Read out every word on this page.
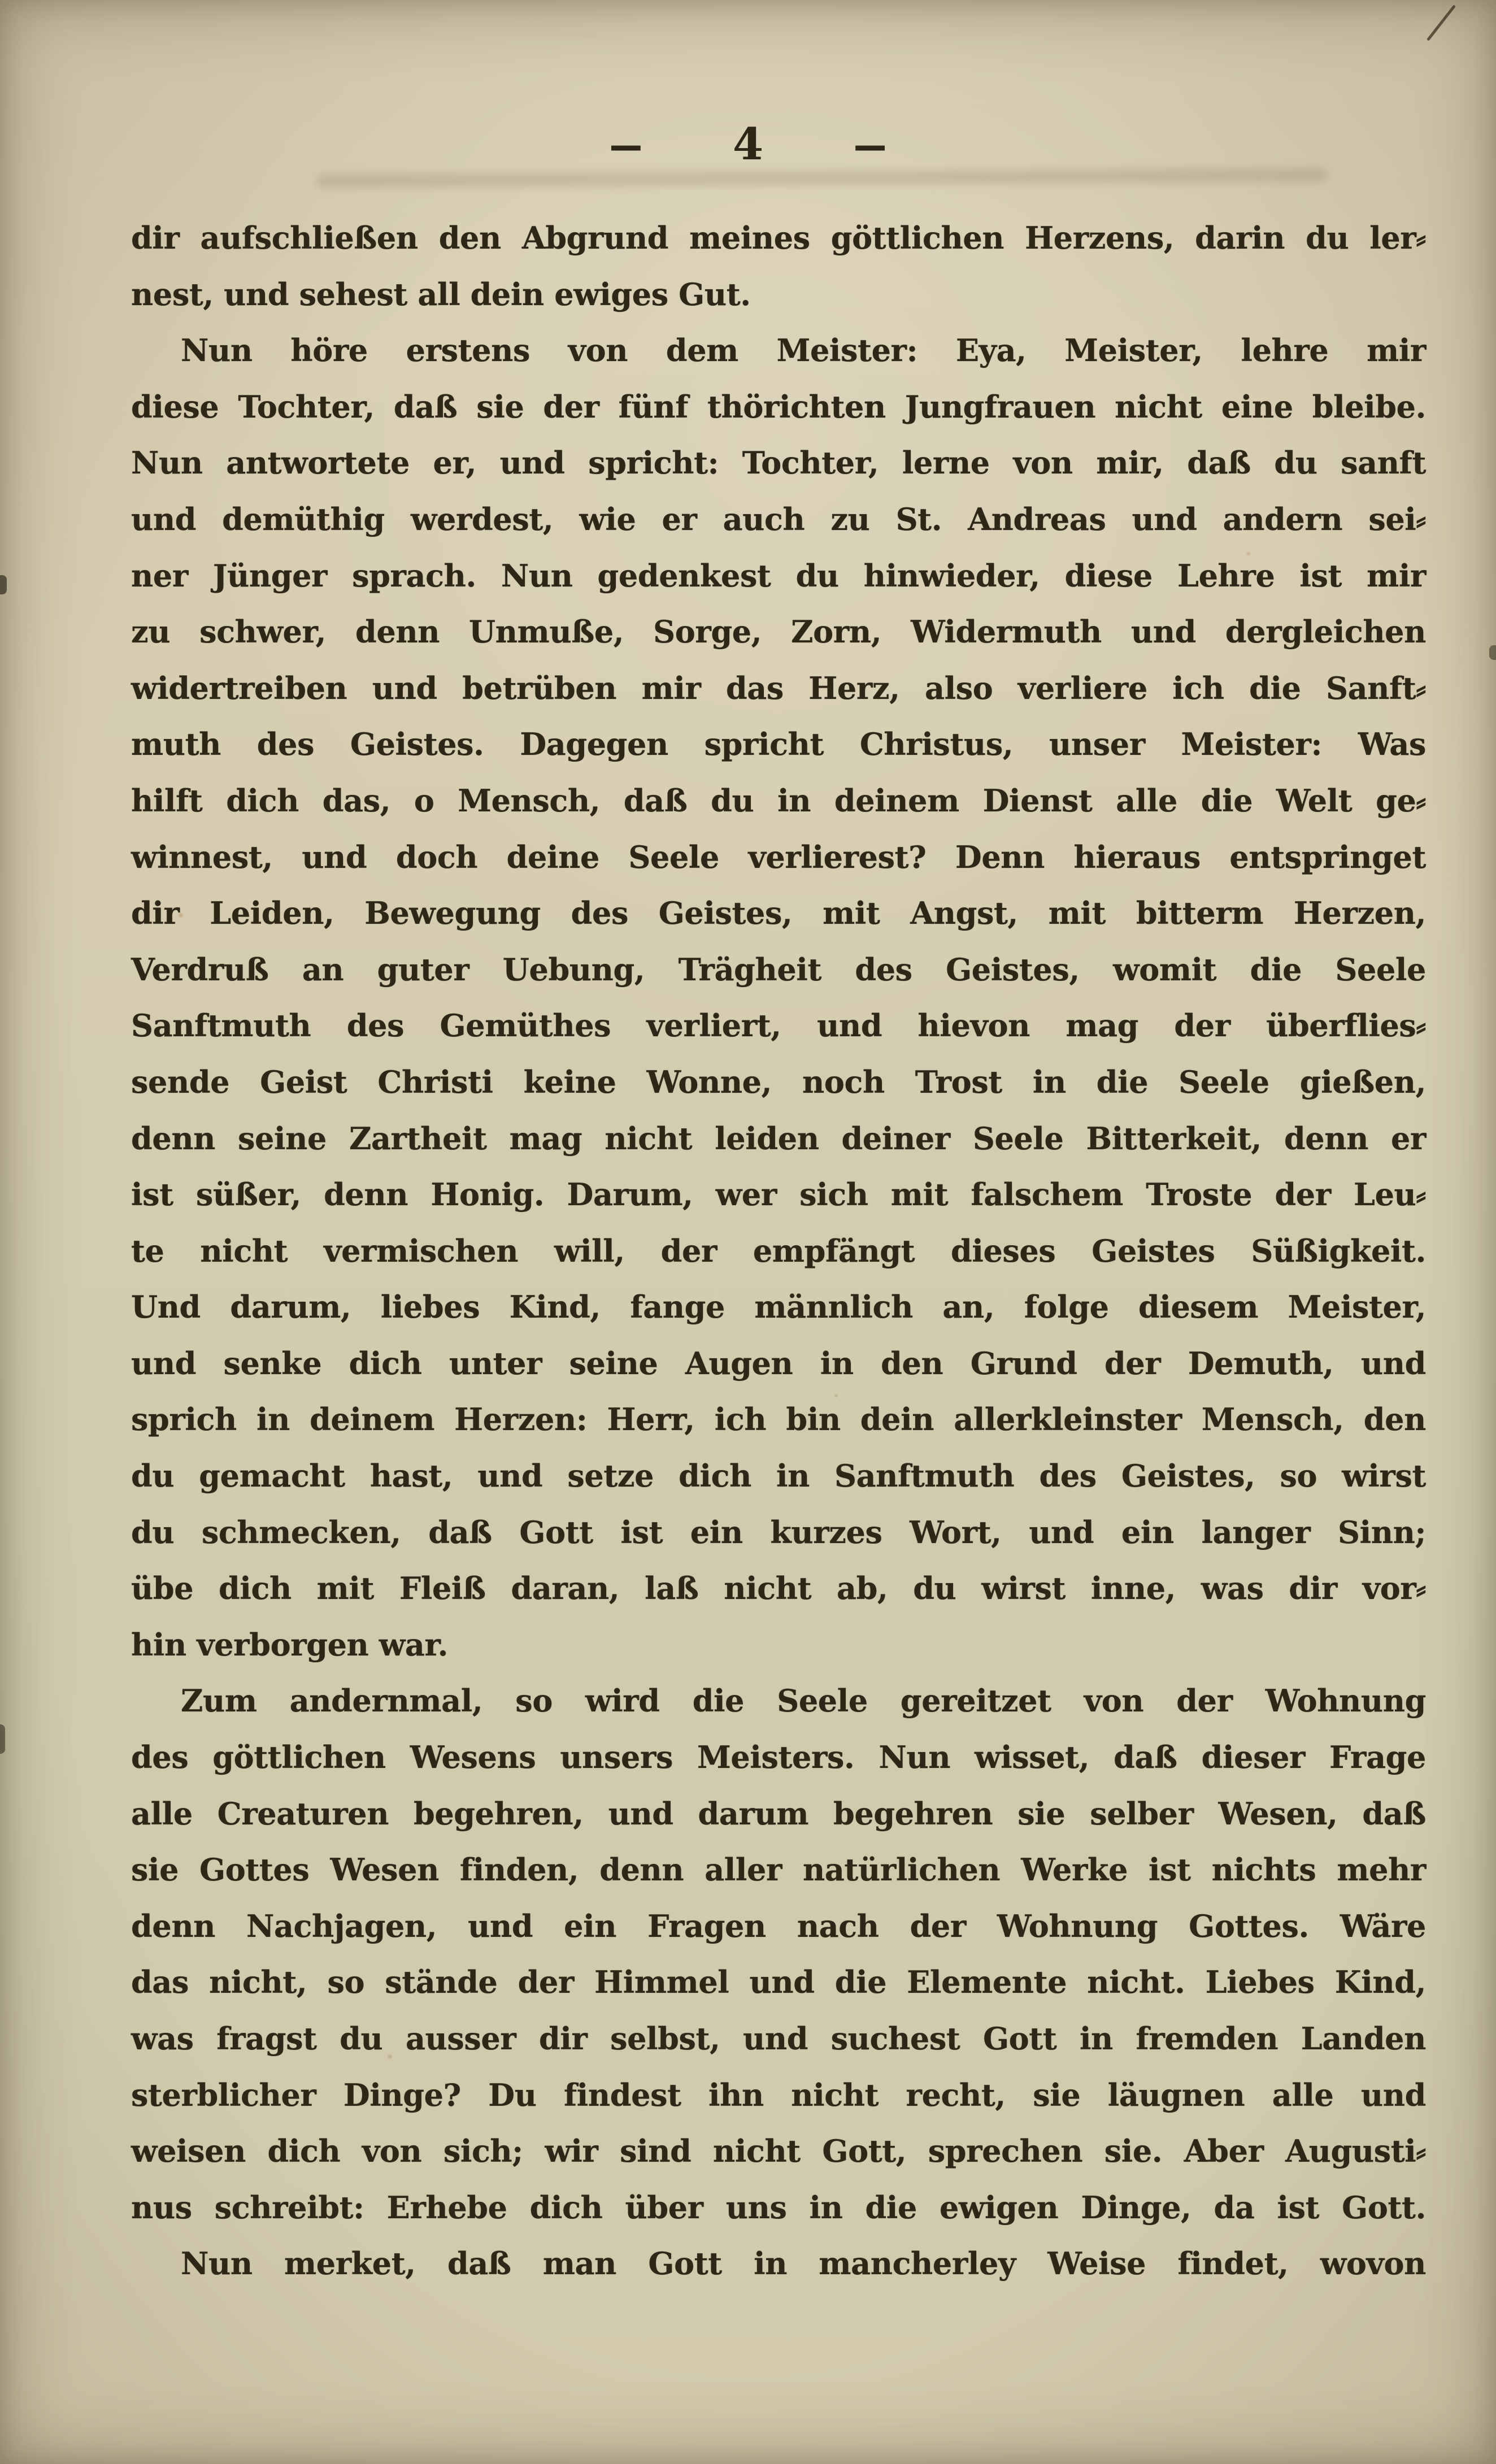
— 4	—
dir aufschließen den Abgrund meines göttlichen Herzens, darin du ler⸗
nest, und sehest all dein ewiges Gut.
Nun höre erstens von dem Meister: Eya, Meister, lehre mir
diese Tochter, daß sie der fünf thörichten Jungfrauen nicht eine bleibe.
Nun antwortete er, und spricht: Tochter, lerne von mir, daß du sanft
und demüthig werdest, wie er auch zu St. Andreas und andern sei⸗
ner Jünger sprach. Nun gedenkest du hinwieder, diese Lehre ist mir
zu schwer, denn Unmuße, Sorge, Zorn, Widermuth und dergleichen
widertreiben und betrüben mir das Herz, also verliere ich die Sanft⸗
muth des Geistes. Dagegen spricht Christus, unser Meister: Was
hilft dich das, o Mensch, daß du in deinem Dienst alle die Welt ge⸗
winnest, und doch deine Seele verlierest? Denn hieraus entspringet
dir Leiden, Bewegung des Geistes, mit Angst, mit bitterm Herzen,
Verdruß an guter Uebung, Trägheit des Geistes, womit die Seele
Sanftmuth des Gemüthes verliert, und hievon mag der überflies⸗
sende Geist Christi keine Wonne, noch Trost in die Seele gießen,
denn seine Zartheit mag nicht leiden deiner Seele Bitterkeit, denn er
ist süßer, denn Honig. Darum, wer sich mit falschem Troste der Leu⸗
te nicht vermischen will, der empfängt dieses Geistes Süßigkeit.
Und darum, liebes Kind, fange männlich an, folge diesem Meister,
und senke dich unter seine Augen in den Grund der Demuth, und
sprich in deinem Herzen: Herr, ich bin dein allerkleinster Mensch, den
du gemacht hast, und setze dich in Sanftmuth des Geistes, so wirst
du schmecken, daß Gott ist ein kurzes Wort, und ein langer Sinn;
übe dich mit Fleiß daran, laß nicht ab, du wirst inne, was dir vor⸗
hin verborgen war.
Zum andernmal, so wird die Seele gereitzet von der Wohnung
des göttlichen Wesens unsers Meisters. Nun wisset, daß dieser Frage
alle Creaturen begehren, und darum begehren sie selber Wesen, daß
sie Gottes Wesen finden, denn aller natürlichen Werke ist nichts mehr
denn Nachjagen, und ein Fragen nach der Wohnung Gottes. Wäre
das nicht, so stände der Himmel und die Elemente nicht. Liebes Kind,
was fragst du ausser dir selbst, und suchest Gott in fremden Landen
sterblicher Dinge? Du findest ihn nicht recht, sie läugnen alle und
weisen dich von sich; wir sind nicht Gott, sprechen sie. Aber Augusti⸗
nus schreibt: Erhebe dich über uns in die ewigen Dinge, da ist Gott.
Nun merket, daß man Gott in mancherley Weise findet, wovon
